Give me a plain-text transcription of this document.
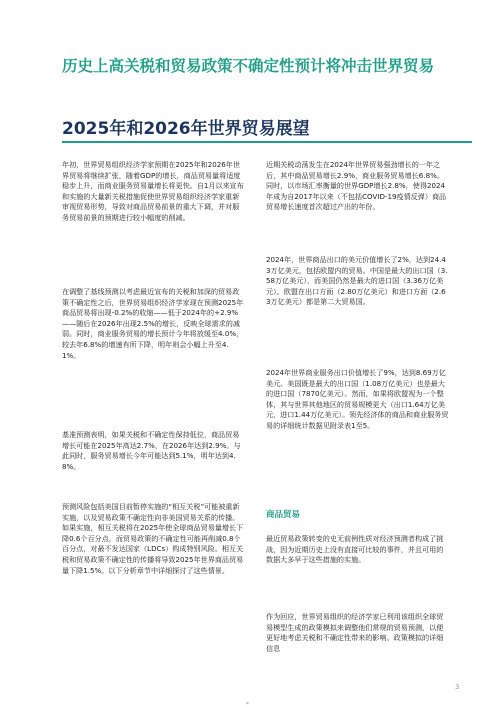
历史上高关税和贸易政策不确定性预计将冲击世界贸易
2025年和2026年世界贸易展望

年初，世界贸易组织经济学家预期在2025年和2026年世界贸易将继续扩张，随着GDP的增长，商品贸易量将适度稳步上升，而商业服务贸易量增长将更快。自1月以来宣布和实施的大量新关税措施促使世界贸易组织经济学家重新审视贸易形势，导致对商品贸易前景的重大下调，并对服务贸易前景的预期进行较小幅度的削减。

在调整了基线预测以考虑最近宣布的关税和加深的贸易政策不确定性之后，世界贸易组织经济学家现在预测2025年商品贸易将出现-0.2%的收缩——低于2024年的+2.9%——随后在2026年出现2.5%的增长，反映全球需求的减弱。同时，商业服务贸易的增长预计今年将放缓至4.0%，较去年6.8%的增速有所下降，明年则会小幅上升至4.1%。

基准预测表明，如果关税和不确定性保持低位，商品贸易增长可能在2025年高达2.7%，在2026年达到2.9%。与此同时，服务贸易增长今年可能达到5.1%，明年达到4.8%。

预测风险包括美国目前暂停实施的“相互关税”可能被重新实施，以及贸易政策不确定性向非美国贸易关系的传播。如果实施，相互关税将在2025年使全球商品贸易量增长下降0.6个百分点，而贸易政策的不确定性可能再削减0.8个百分点，对最不发达国家（LDCs）构成特别风险。相互关税和贸易政策不确定性的传播将导致2025年世界商品贸易量下降1.5%。以下分析章节中详细探讨了这些情景。

近期关税动荡发生在2024年世界贸易强劲增长的一年之后，其中商品贸易增长2.9%，商业服务贸易增长6.8%。同时，以市场汇率衡量的世界GDP增长2.8%，使得2024年成为自2017年以来（不包括COVID-19疫情反弹）商品贸易增长速度首次超过产出的年份。

2024年，世界商品出口的美元价值增长了2%，达到24.43万亿美元，包括欧盟内的贸易。中国是最大的出口国（3.58万亿美元），而美国仍然是最大的进口国（3.36万亿美元）。欧盟在出口方面（2.80万亿美元）和进口方面（2.63万亿美元）都是第二大贸易国。

2024年世界商业服务出口价值增长了9%，达到8.69万亿美元。美国既是最大的出口国（1.08万亿美元）也是最大的进口国（7870亿美元）。然而，如果将欧盟视为一个整体，其与世界其他地区的贸易规模更大（出口1.64万亿美元，进口1.44万亿美元）。领先经济体的商品和商业服务贸易的详细统计数据见附录表1至5。

商品贸易

最近贸易政策转变的史无前例性质对经济预测者构成了挑战，因为近期历史上没有直接可比较的事件，并且可用的数据大多早于这些措施的实施。

作为回应，世界贸易组织的经济学家已利用该组织全球贸易模型生成的政策模拟来调整他们常规的贸易预测，以便更好地考虑关税和不确定性带来的影响。政策模拟的详细信息

3
*
